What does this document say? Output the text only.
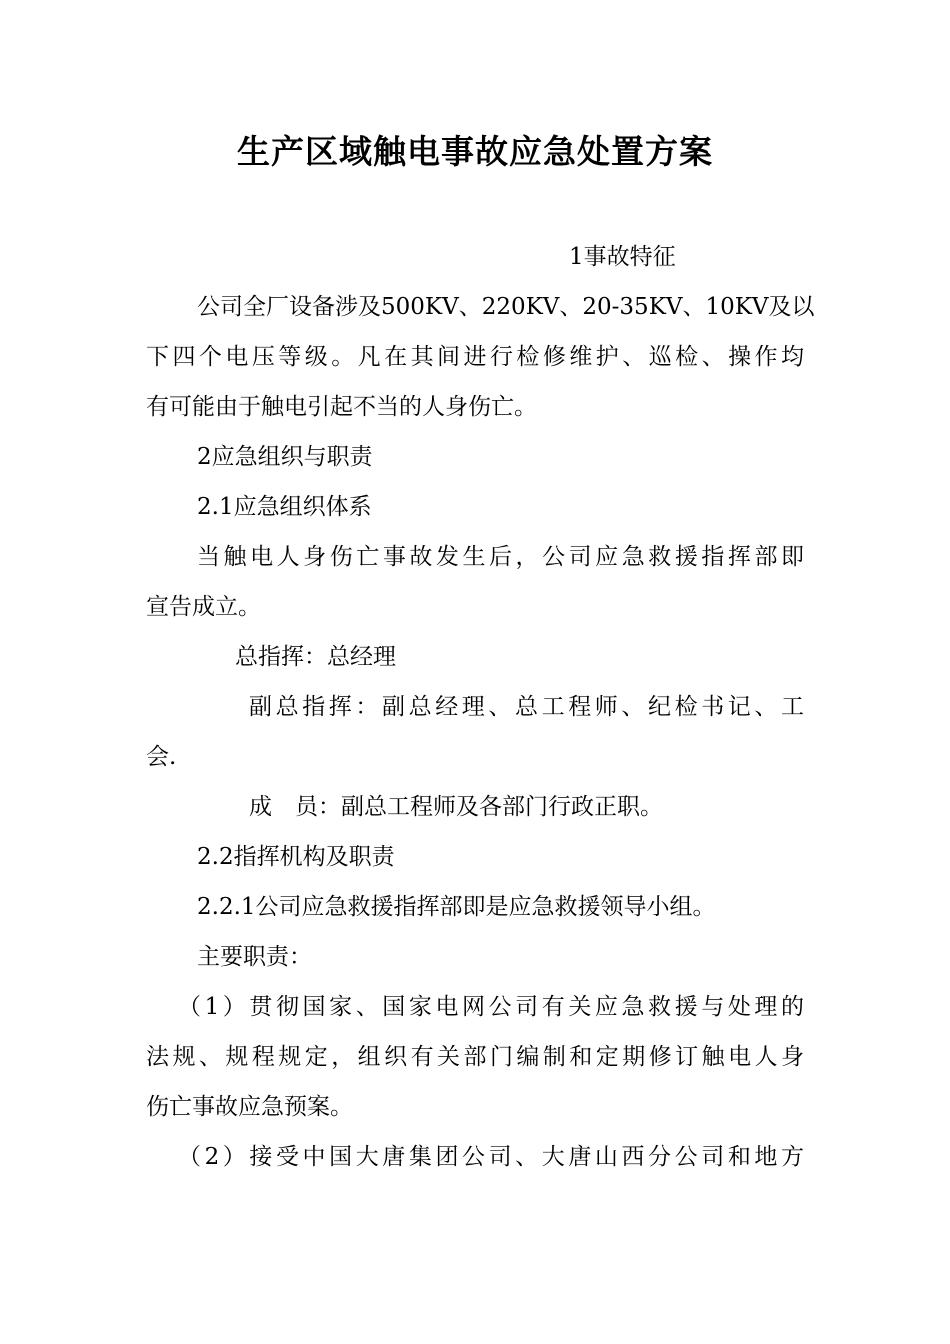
生产区域触电事故应急处置方案
1事故特征
公司全厂设备涉及500KV、220KV、20-35KV、10KV及以
下四个电压等级。凡在其间进行检修维护、巡检、操作均
有可能由于触电引起不当的人身伤亡。
2应急组织与职责
2.1应急组织体系
当触电人身伤亡事故发生后，公司应急救援指挥部即
宣告成立。
总指挥：总经理
副总指挥：副总经理、总工程师、纪检书记、工
会.
成　员：副总工程师及各部门行政正职。
2.2指挥机构及职责
2.2.1公司应急救援指挥部即是应急救援领导小组。
主要职责：
（1）贯彻国家、国家电网公司有关应急救援与处理的
法规、规程规定，组织有关部门编制和定期修订触电人身
伤亡事故应急预案。
（2）接受中国大唐集团公司、大唐山西分公司和地方
